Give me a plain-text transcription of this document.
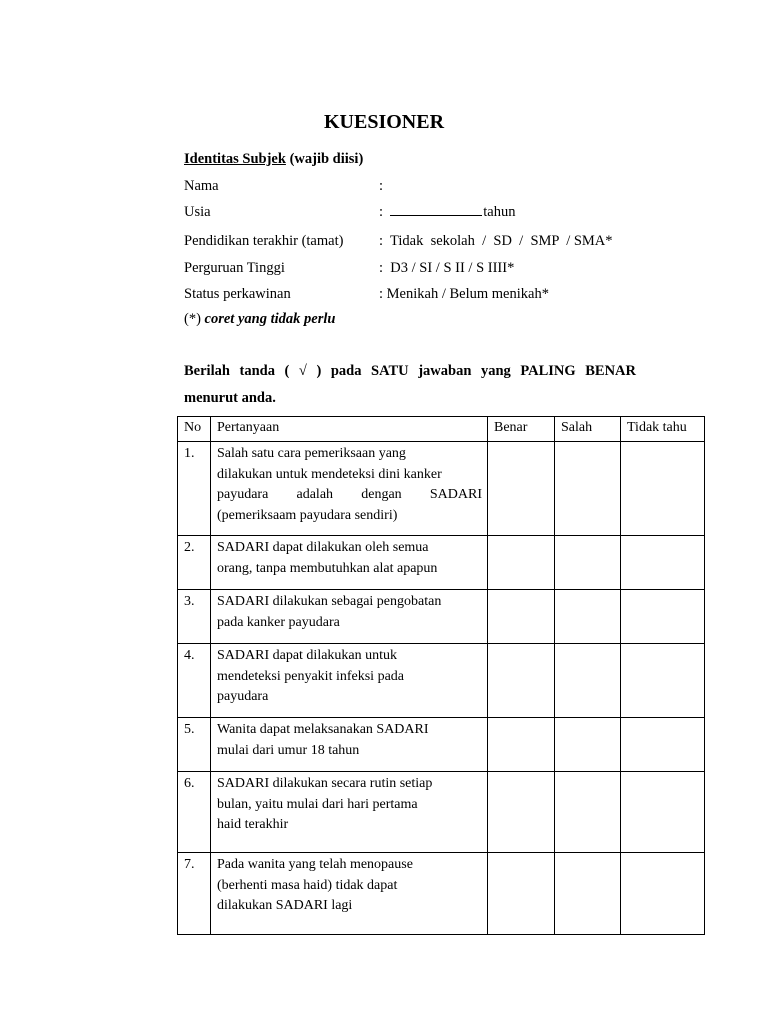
KUESIONER
Identitas Subjek (wajib diisi)
Nama	:
Usia	:	tahun
Pendidikan terakhir (tamat) :  Tidak  sekolah  /  SD  /  SMP  / SMA*
Perguruan Tinggi	:  D3 / SI / S II / S IIII*
Status perkawinan	: Menikah / Belum menikah*
(*) coret yang tidak perlu
Berilah tanda ( √ ) pada SATU jawaban yang PALING BENAR
menurut anda.
No	Pertanyaan	Benar	Salah	Tidak tahu
1.	Salah satu cara pemeriksaan yang
dilakukan untuk mendeteksi dini kanker

payudara adalah dengan SADARI
(pemeriksaam payudara sendiri)			
2.	SADARI dapat dilakukan oleh semua
orang, tanpa membutuhkan alat apapun			
3.	SADARI dilakukan sebagai pengobatan
pada kanker payudara			
4.	SADARI dapat dilakukan untuk
mendeteksi penyakit infeksi pada
payudara			
5.	Wanita dapat melaksanakan SADARI
mulai dari umur 18 tahun			
6.	SADARI dilakukan secara rutin setiap
bulan, yaitu mulai dari hari pertama
haid terakhir			
7.	Pada wanita yang telah menopause
(berhenti masa haid) tidak dapat
dilakukan SADARI lagi			
